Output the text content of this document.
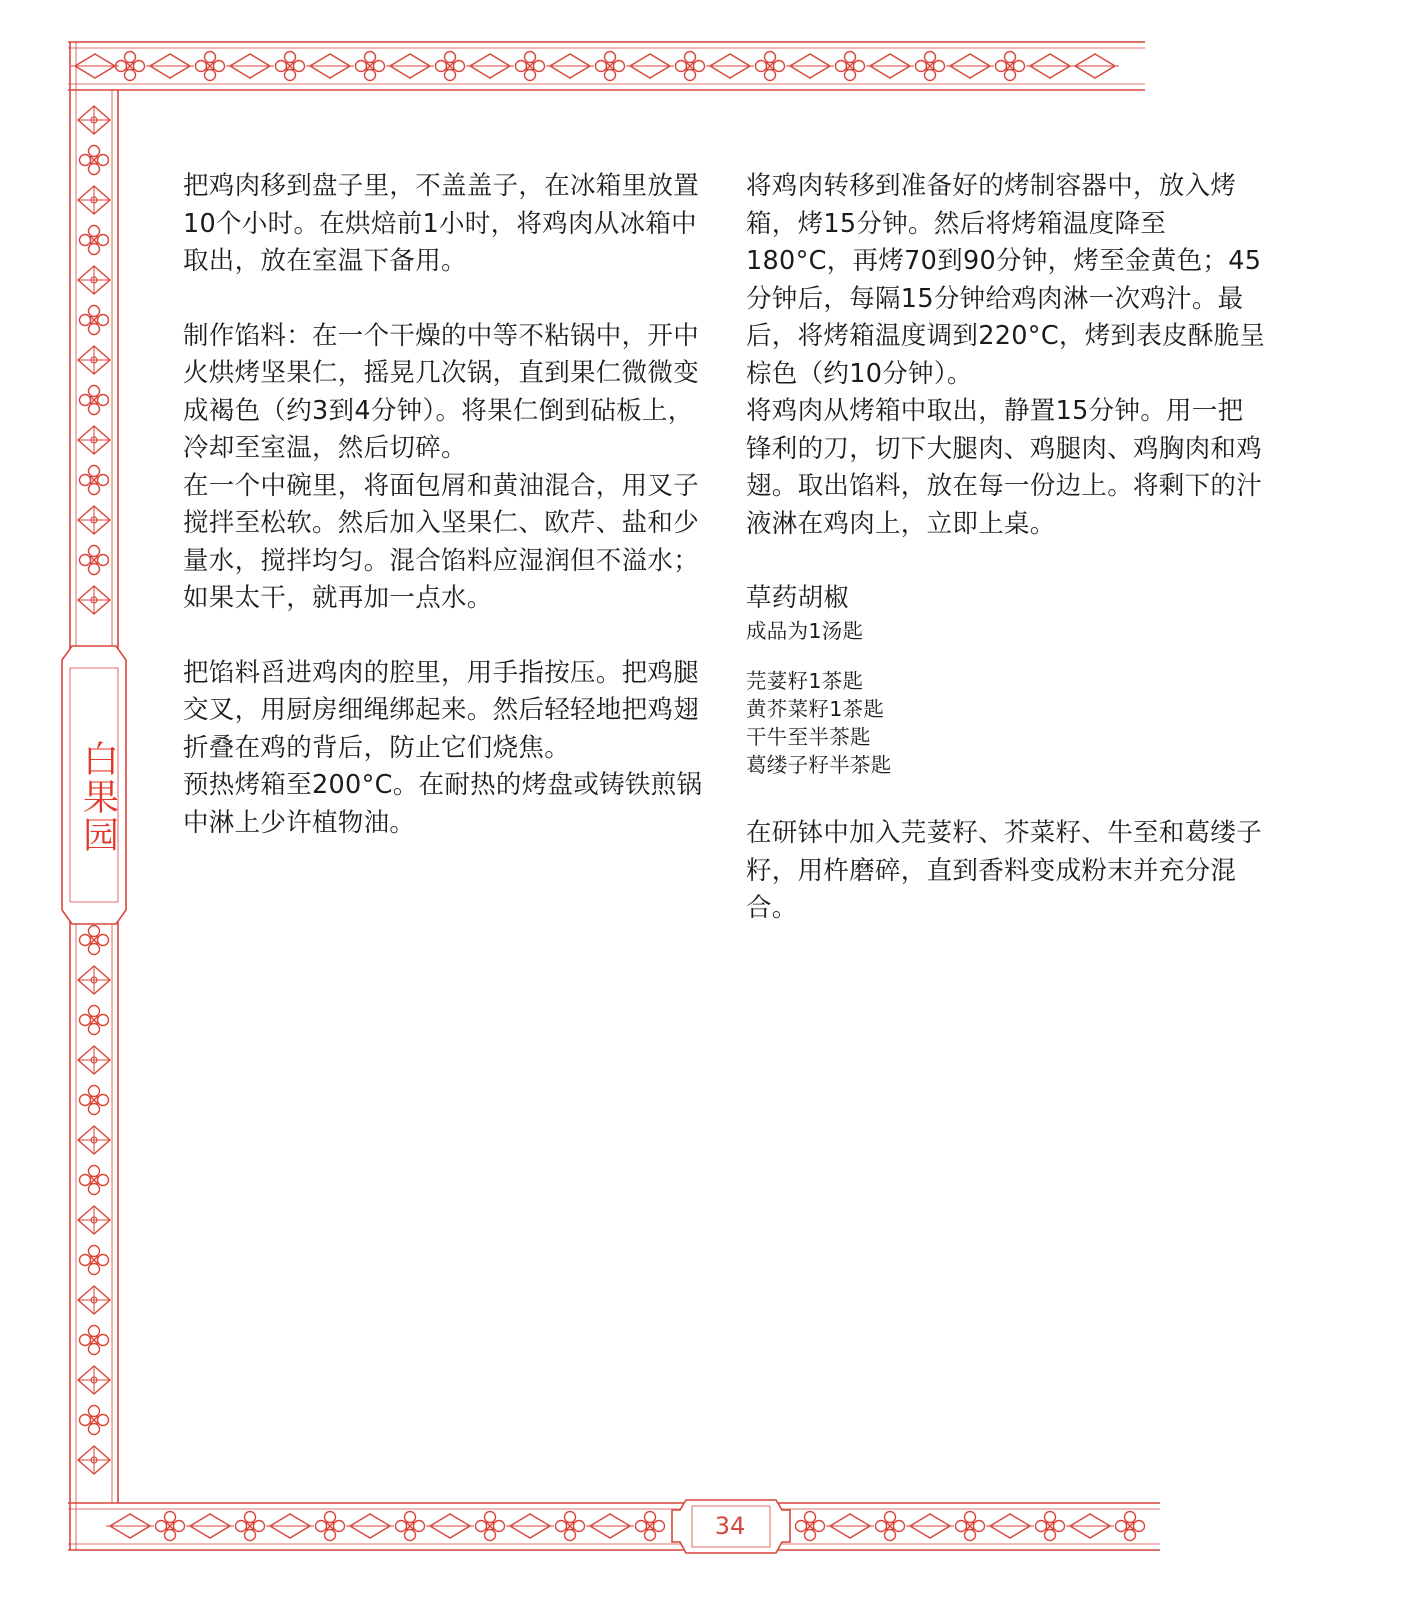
白果园
34

把鸡肉移到盘子里，不盖盖子，在冰箱里放置10个小时。在烘焙前1小时，将鸡肉从冰箱中取出，放在室温下备用。

制作馅料：在一个干燥的中等不粘锅中，开中火烘烤坚果仁，摇晃几次锅，直到果仁微微变成褐色（约3到4分钟）。将果仁倒到砧板上，冷却至室温，然后切碎。

在一个中碗里，将面包屑和黄油混合，用叉子搅拌至松软。然后加入坚果仁、欧芹、盐和少量水，搅拌均匀。混合馅料应湿润但不溢水；如果太干，就再加一点水。

把馅料舀进鸡肉的腔里，用手指按压。把鸡腿交叉，用厨房细绳绑起来。然后轻轻地把鸡翅折叠在鸡的背后，防止它们烧焦。

预热烤箱至200°C。在耐热的烤盘或铸铁煎锅中淋上少许植物油。

将鸡肉转移到准备好的烤制容器中，放入烤箱，烤15分钟。然后将烤箱温度降至180°C，再烤70到90分钟，烤至金黄色；45分钟后，每隔15分钟给鸡肉淋一次鸡汁。最后，将烤箱温度调到220°C，烤到表皮酥脆呈棕色（约10分钟）。

将鸡肉从烤箱中取出，静置15分钟。用一把锋利的刀，切下大腿肉、鸡腿肉、鸡胸肉和鸡翅。取出馅料，放在每一份边上。将剩下的汁液淋在鸡肉上，立即上桌。

草药胡椒

成品为1汤匙

芫荽籽1茶匙

黄芥菜籽1茶匙

干牛至半茶匙

葛缕子籽半茶匙

在研钵中加入芫荽籽、芥菜籽、牛至和葛缕子籽，用杵磨碎，直到香料变成粉末并充分混合。
